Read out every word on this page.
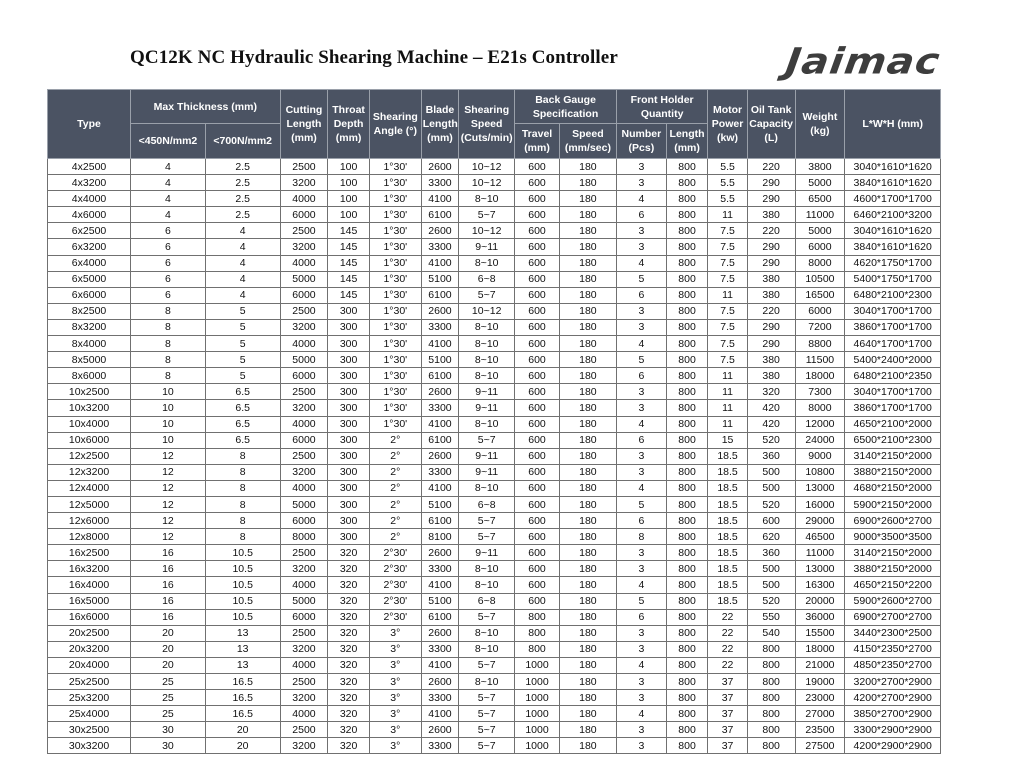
QC12K NC Hydraulic Shearing Machine – E21s Controller	Jaimac
Type	Max Thickness (mm)		Cutting Length (mm)	Throat Depth (mm)	Shearing Angle (°)	Blade Length (mm)	Shearing Speed (Cuts/min)	Back Gauge Specification		Front Holder Quantity		Motor Power (kw)	Oil Tank Capacity (L)	Weight (kg)	L*W*H (mm)
	<450N/mm2	<700N/mm2						Travel (mm)	Speed (mm/sec)	Number (Pcs)	Length (mm)				
4x2500	4	2.5	2500	100	1°30'	2600	10~12	600	180	3	800	5.5	220	3800	3040*1610*1620
4x3200	4	2.5	3200	100	1°30'	3300	10~12	600	180	3	800	5.5	290	5000	3840*1610*1620
4x4000	4	2.5	4000	100	1°30'	4100	8~10	600	180	4	800	5.5	290	6500	4600*1700*1700
4x6000	4	2.5	6000	100	1°30'	6100	5~7	600	180	6	800	11	380	11000	6460*2100*3200
6x2500	6	4	2500	145	1°30'	2600	10~12	600	180	3	800	7.5	220	5000	3040*1610*1620
6x3200	6	4	3200	145	1°30'	3300	9~11	600	180	3	800	7.5	290	6000	3840*1610*1620
6x4000	6	4	4000	145	1°30'	4100	8~10	600	180	4	800	7.5	290	8000	4620*1750*1700
6x5000	6	4	5000	145	1°30'	5100	6~8	600	180	5	800	7.5	380	10500	5400*1750*1700
6x6000	6	4	6000	145	1°30'	6100	5~7	600	180	6	800	11	380	16500	6480*2100*2300
8x2500	8	5	2500	300	1°30'	2600	10~12	600	180	3	800	7.5	220	6000	3040*1700*1700
8x3200	8	5	3200	300	1°30'	3300	8~10	600	180	3	800	7.5	290	7200	3860*1700*1700
8x4000	8	5	4000	300	1°30'	4100	8~10	600	180	4	800	7.5	290	8800	4640*1700*1700
8x5000	8	5	5000	300	1°30'	5100	8~10	600	180	5	800	7.5	380	11500	5400*2400*2000
8x6000	8	5	6000	300	1°30'	6100	8~10	600	180	6	800	11	380	18000	6480*2100*2350
10x2500	10	6.5	2500	300	1°30'	2600	9~11	600	180	3	800	11	320	7300	3040*1700*1700
10x3200	10	6.5	3200	300	1°30'	3300	9~11	600	180	3	800	11	420	8000	3860*1700*1700
10x4000	10	6.5	4000	300	1°30'	4100	8~10	600	180	4	800	11	420	12000	4650*2100*2000
10x6000	10	6.5	6000	300	2°	6100	5~7	600	180	6	800	15	520	24000	6500*2100*2300
12x2500	12	8	2500	300	2°	2600	9~11	600	180	3	800	18.5	360	9000	3140*2150*2000
12x3200	12	8	3200	300	2°	3300	9~11	600	180	3	800	18.5	500	10800	3880*2150*2000
12x4000	12	8	4000	300	2°	4100	8~10	600	180	4	800	18.5	500	13000	4680*2150*2000
12x5000	12	8	5000	300	2°	5100	6~8	600	180	5	800	18.5	520	16000	5900*2150*2000
12x6000	12	8	6000	300	2°	6100	5~7	600	180	6	800	18.5	600	29000	6900*2600*2700
12x8000	12	8	8000	300	2°	8100	5~7	600	180	8	800	18.5	620	46500	9000*3500*3500
16x2500	16	10.5	2500	320	2°30'	2600	9~11	600	180	3	800	18.5	360	11000	3140*2150*2000
16x3200	16	10.5	3200	320	2°30'	3300	8~10	600	180	3	800	18.5	500	13000	3880*2150*2000
16x4000	16	10.5	4000	320	2°30'	4100	8~10	600	180	4	800	18.5	500	16300	4650*2150*2200
16x5000	16	10.5	5000	320	2°30'	5100	6~8	600	180	5	800	18.5	520	20000	5900*2600*2700
16x6000	16	10.5	6000	320	2°30'	6100	5~7	800	180	6	800	22	550	36000	6900*2700*2700
20x2500	20	13	2500	320	3°	2600	8~10	800	180	3	800	22	540	15500	3440*2300*2500
20x3200	20	13	3200	320	3°	3300	8~10	800	180	3	800	22	800	18000	4150*2350*2700
20x4000	20	13	4000	320	3°	4100	5~7	1000	180	4	800	22	800	21000	4850*2350*2700
25x2500	25	16.5	2500	320	3°	2600	8~10	1000	180	3	800	37	800	19000	3200*2700*2900
25x3200	25	16.5	3200	320	3°	3300	5~7	1000	180	3	800	37	800	23000	4200*2700*2900
25x4000	25	16.5	4000	320	3°	4100	5~7	1000	180	4	800	37	800	27000	3850*2700*2900
30x2500	30	20	2500	320	3°	2600	5~7	1000	180	3	800	37	800	23500	3300*2900*2900
30x3200	30	20	3200	320	3°	3300	5~7	1000	180	3	800	37	800	27500	4200*2900*2900
